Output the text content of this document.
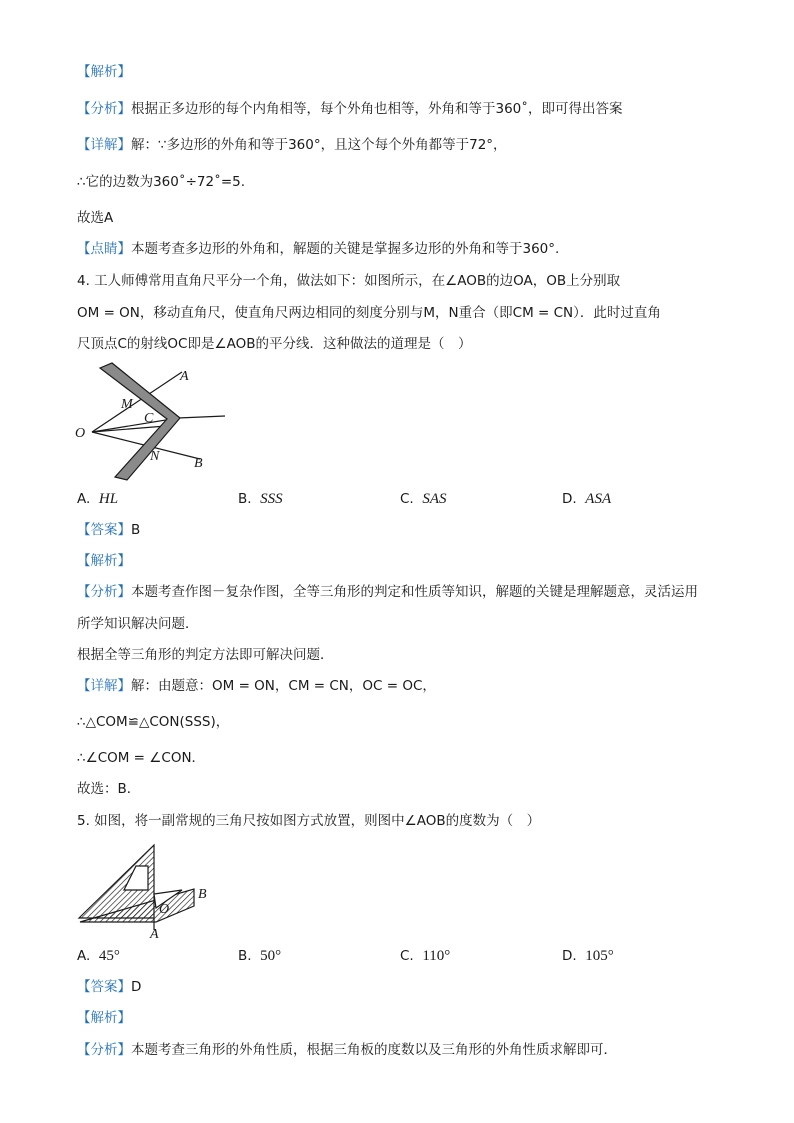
【解析】
【分析】根据正多边形的每个内角相等，每个外角也相等，外角和等于360˚，即可得出答案
【详解】解：∵多边形的外角和等于360°，且这个每个外角都等于72°，
∴它的边数为360˚÷72˚=5.
故选A
【点睛】本题考查多边形的外角和，解题的关键是掌握多边形的外角和等于360°.
4. 工人师傅常用直角尺平分一个角，做法如下：如图所示，在∠AOB的边OA，OB上分别取
OM = ON，移动直角尺，使直角尺两边相同的刻度分别与M，N重合（即CM = CN）．此时过直角
尺顶点C的射线OC即是∠AOB的平分线．这种做法的道理是（　）
A
M
C
O
N B
A. HL	B. SSS	C. SAS	D. ASA
【答案】B
【解析】
【分析】本题考查作图－复杂作图，全等三角形的判定和性质等知识，解题的关键是理解题意，灵活运用
所学知识解决问题．
根据全等三角形的判定方法即可解决问题．
【详解】解：由题意：OM = ON，CM = CN，OC = OC，
∴△COM≌△CON(SSS)，
∴∠COM = ∠CON．
故选：B．
5. 如图，将一副常规的三角尺按如图方式放置，则图中∠AOB的度数为（　）
B
O
A
A. 45°	B. 50°	C. 110°	D. 105°
【答案】D
【解析】
【分析】本题考查三角形的外角性质，根据三角板的度数以及三角形的外角性质求解即可．
